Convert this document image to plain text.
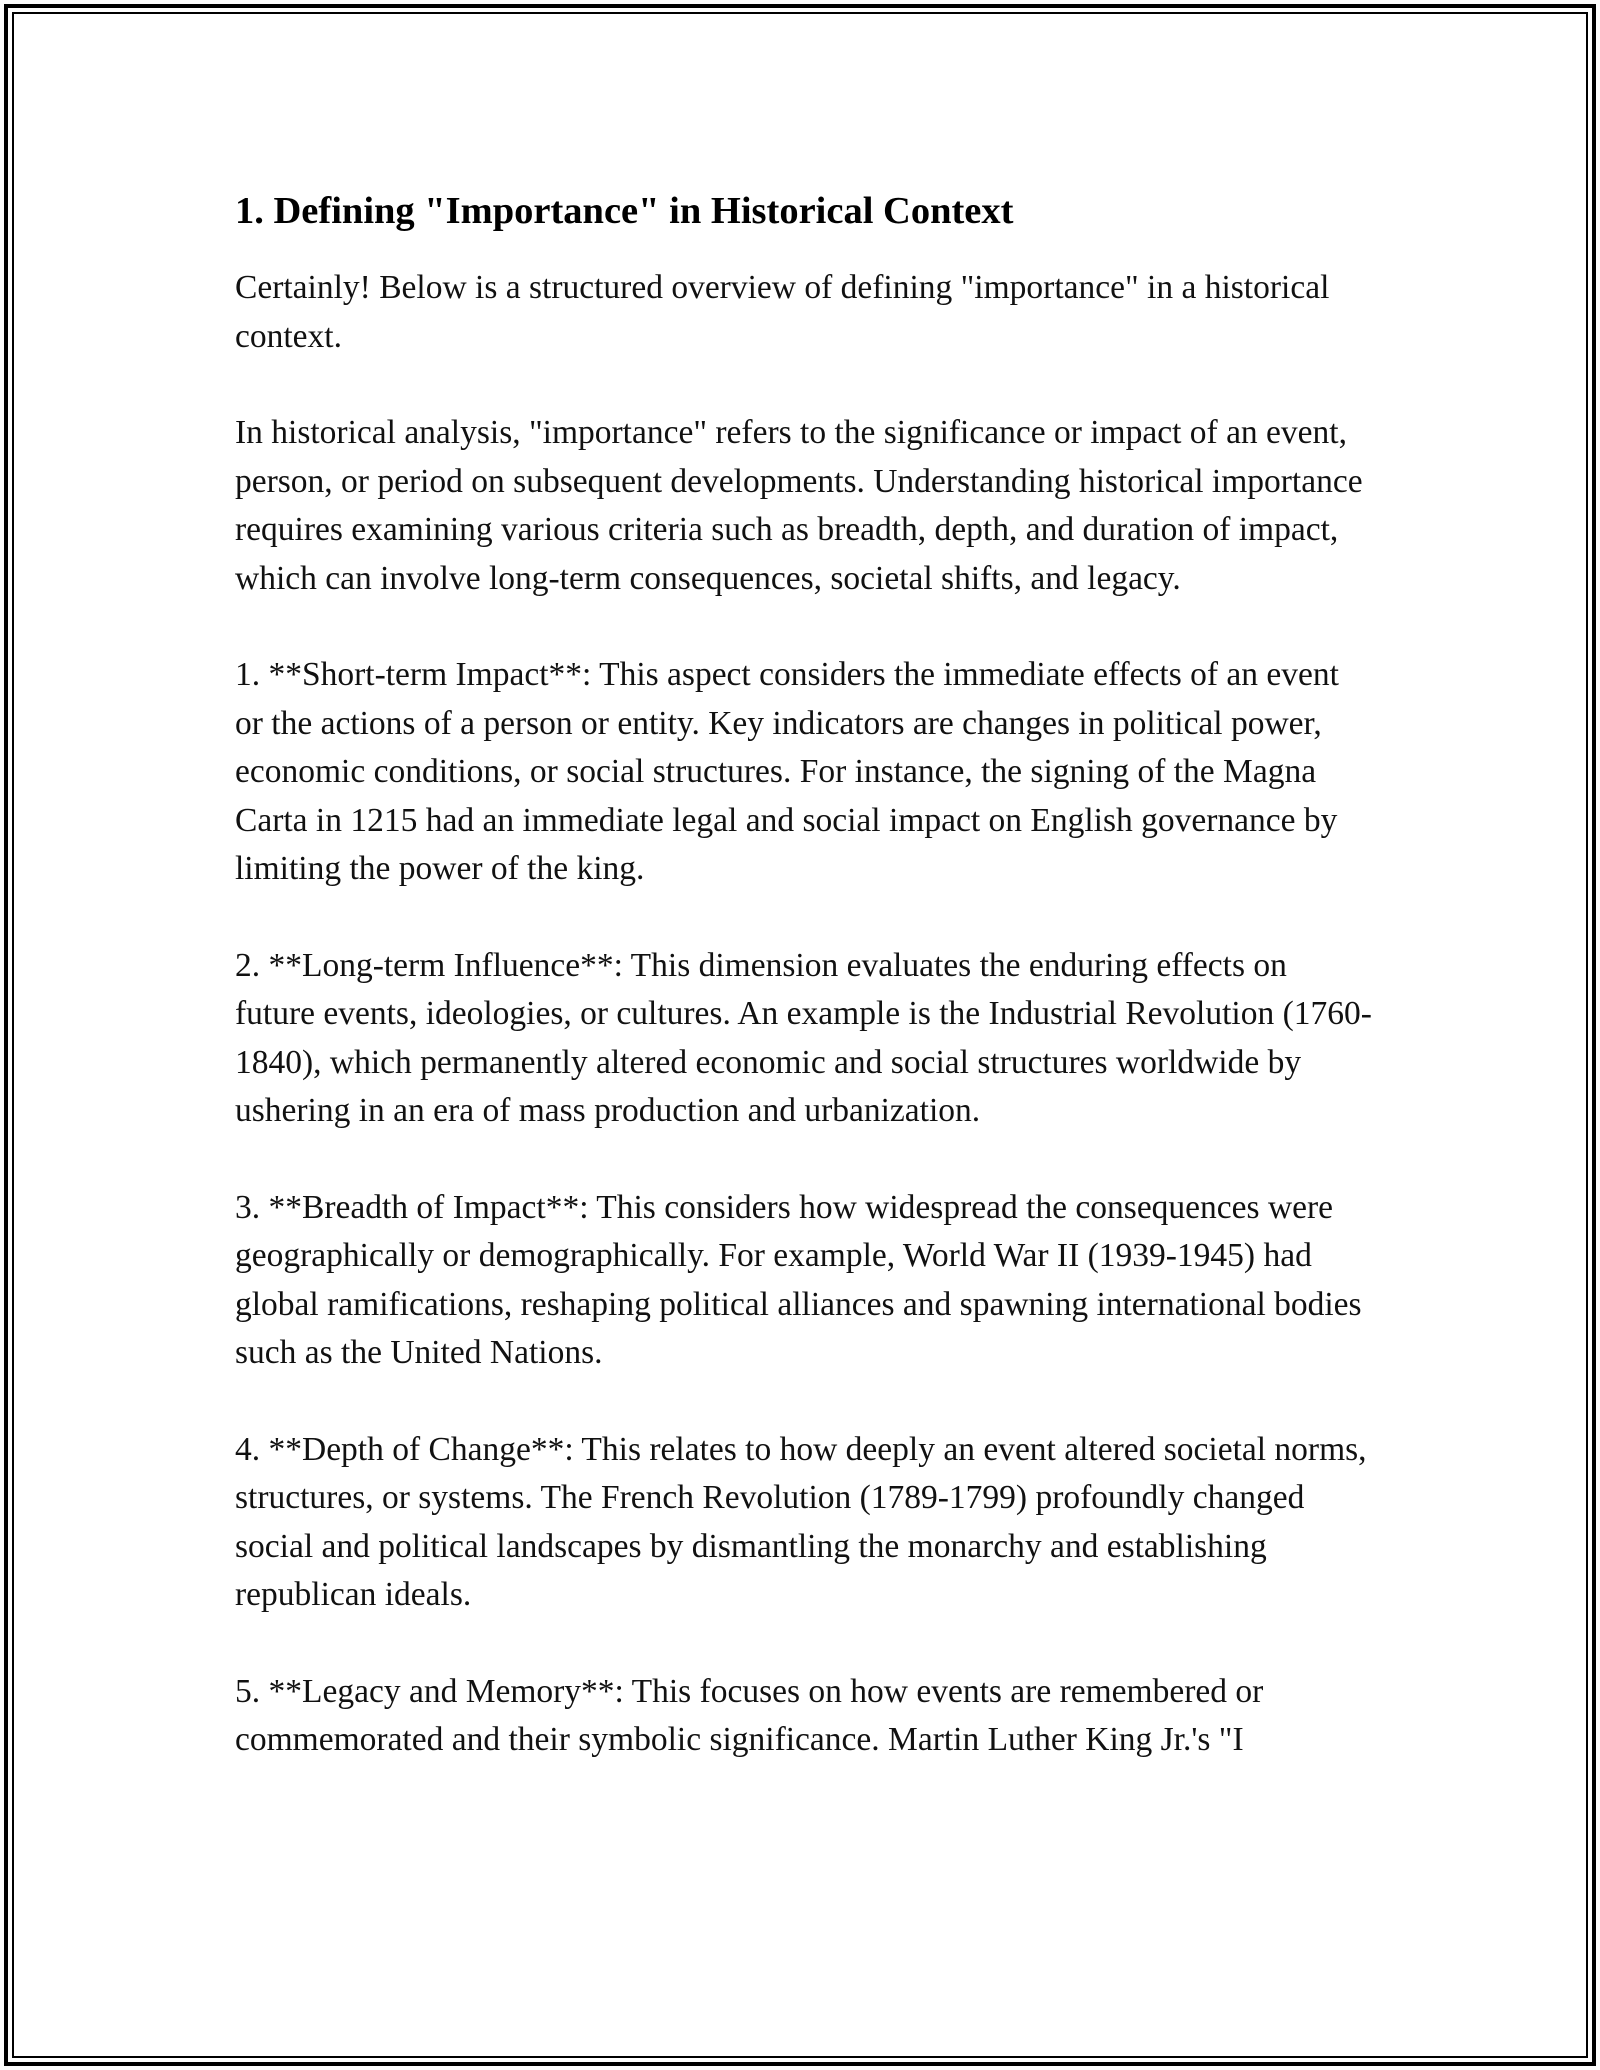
1. Defining "Importance" in Historical Context

Certainly! Below is a structured overview of defining "importance" in a historical context.

In historical analysis, "importance" refers to the significance or impact of an event, person, or period on subsequent developments. Understanding historical importance requires examining various criteria such as breadth, depth, and duration of impact, which can involve long-term consequences, societal shifts, and legacy.

1. **Short-term Impact**: This aspect considers the immediate effects of an event or the actions of a person or entity. Key indicators are changes in political power, economic conditions, or social structures. For instance, the signing of the Magna Carta in 1215 had an immediate legal and social impact on English governance by limiting the power of the king.

2. **Long-term Influence**: This dimension evaluates the enduring effects on future events, ideologies, or cultures. An example is the Industrial Revolution (1760-1840), which permanently altered economic and social structures worldwide by ushering in an era of mass production and urbanization.

3. **Breadth of Impact**: This considers how widespread the consequences were geographically or demographically. For example, World War II (1939-1945) had global ramifications, reshaping political alliances and spawning international bodies such as the United Nations.

4. **Depth of Change**: This relates to how deeply an event altered societal norms, structures, or systems. The French Revolution (1789-1799) profoundly changed social and political landscapes by dismantling the monarchy and establishing republican ideals.

5. **Legacy and Memory**: This focuses on how events are remembered or commemorated and their symbolic significance. Martin Luther King Jr.'s "I
